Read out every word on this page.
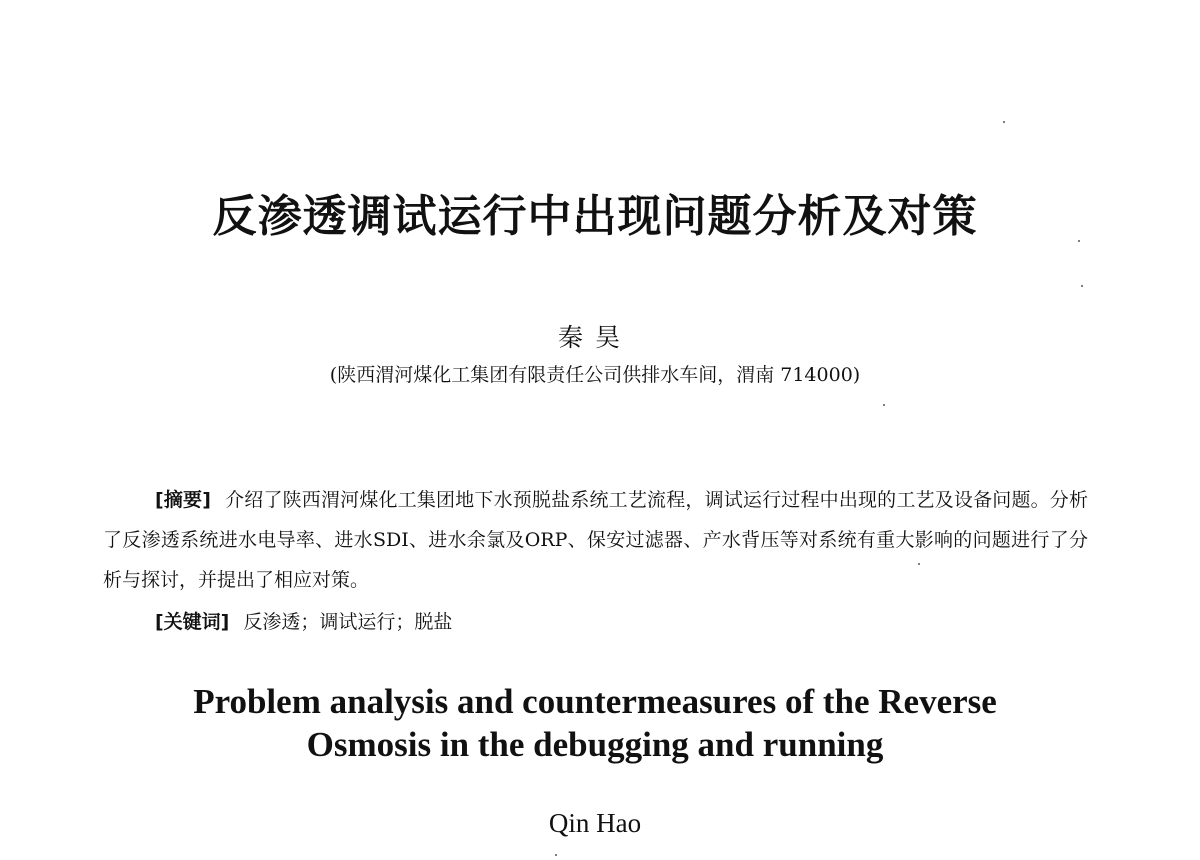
反渗透调试运行中出现问题分析及对策
秦昊
(陕西渭河煤化工集团有限责任公司供排水车间，渭南 714000)
[摘要] 介绍了陕西渭河煤化工集团地下水预脱盐系统工艺流程，调试运行过程中出现的工艺及设备问题。分析了反渗透系统进水电导率、进水SDI、进水余氯及ORP、保安过滤器、产水背压等对系统有重大影响的问题进行了分析与探讨，并提出了相应对策。
[关键词] 反渗透；调试运行；脱盐
Problem analysis and countermeasures of the Reverse
Osmosis in the debugging and running
Qin Hao
